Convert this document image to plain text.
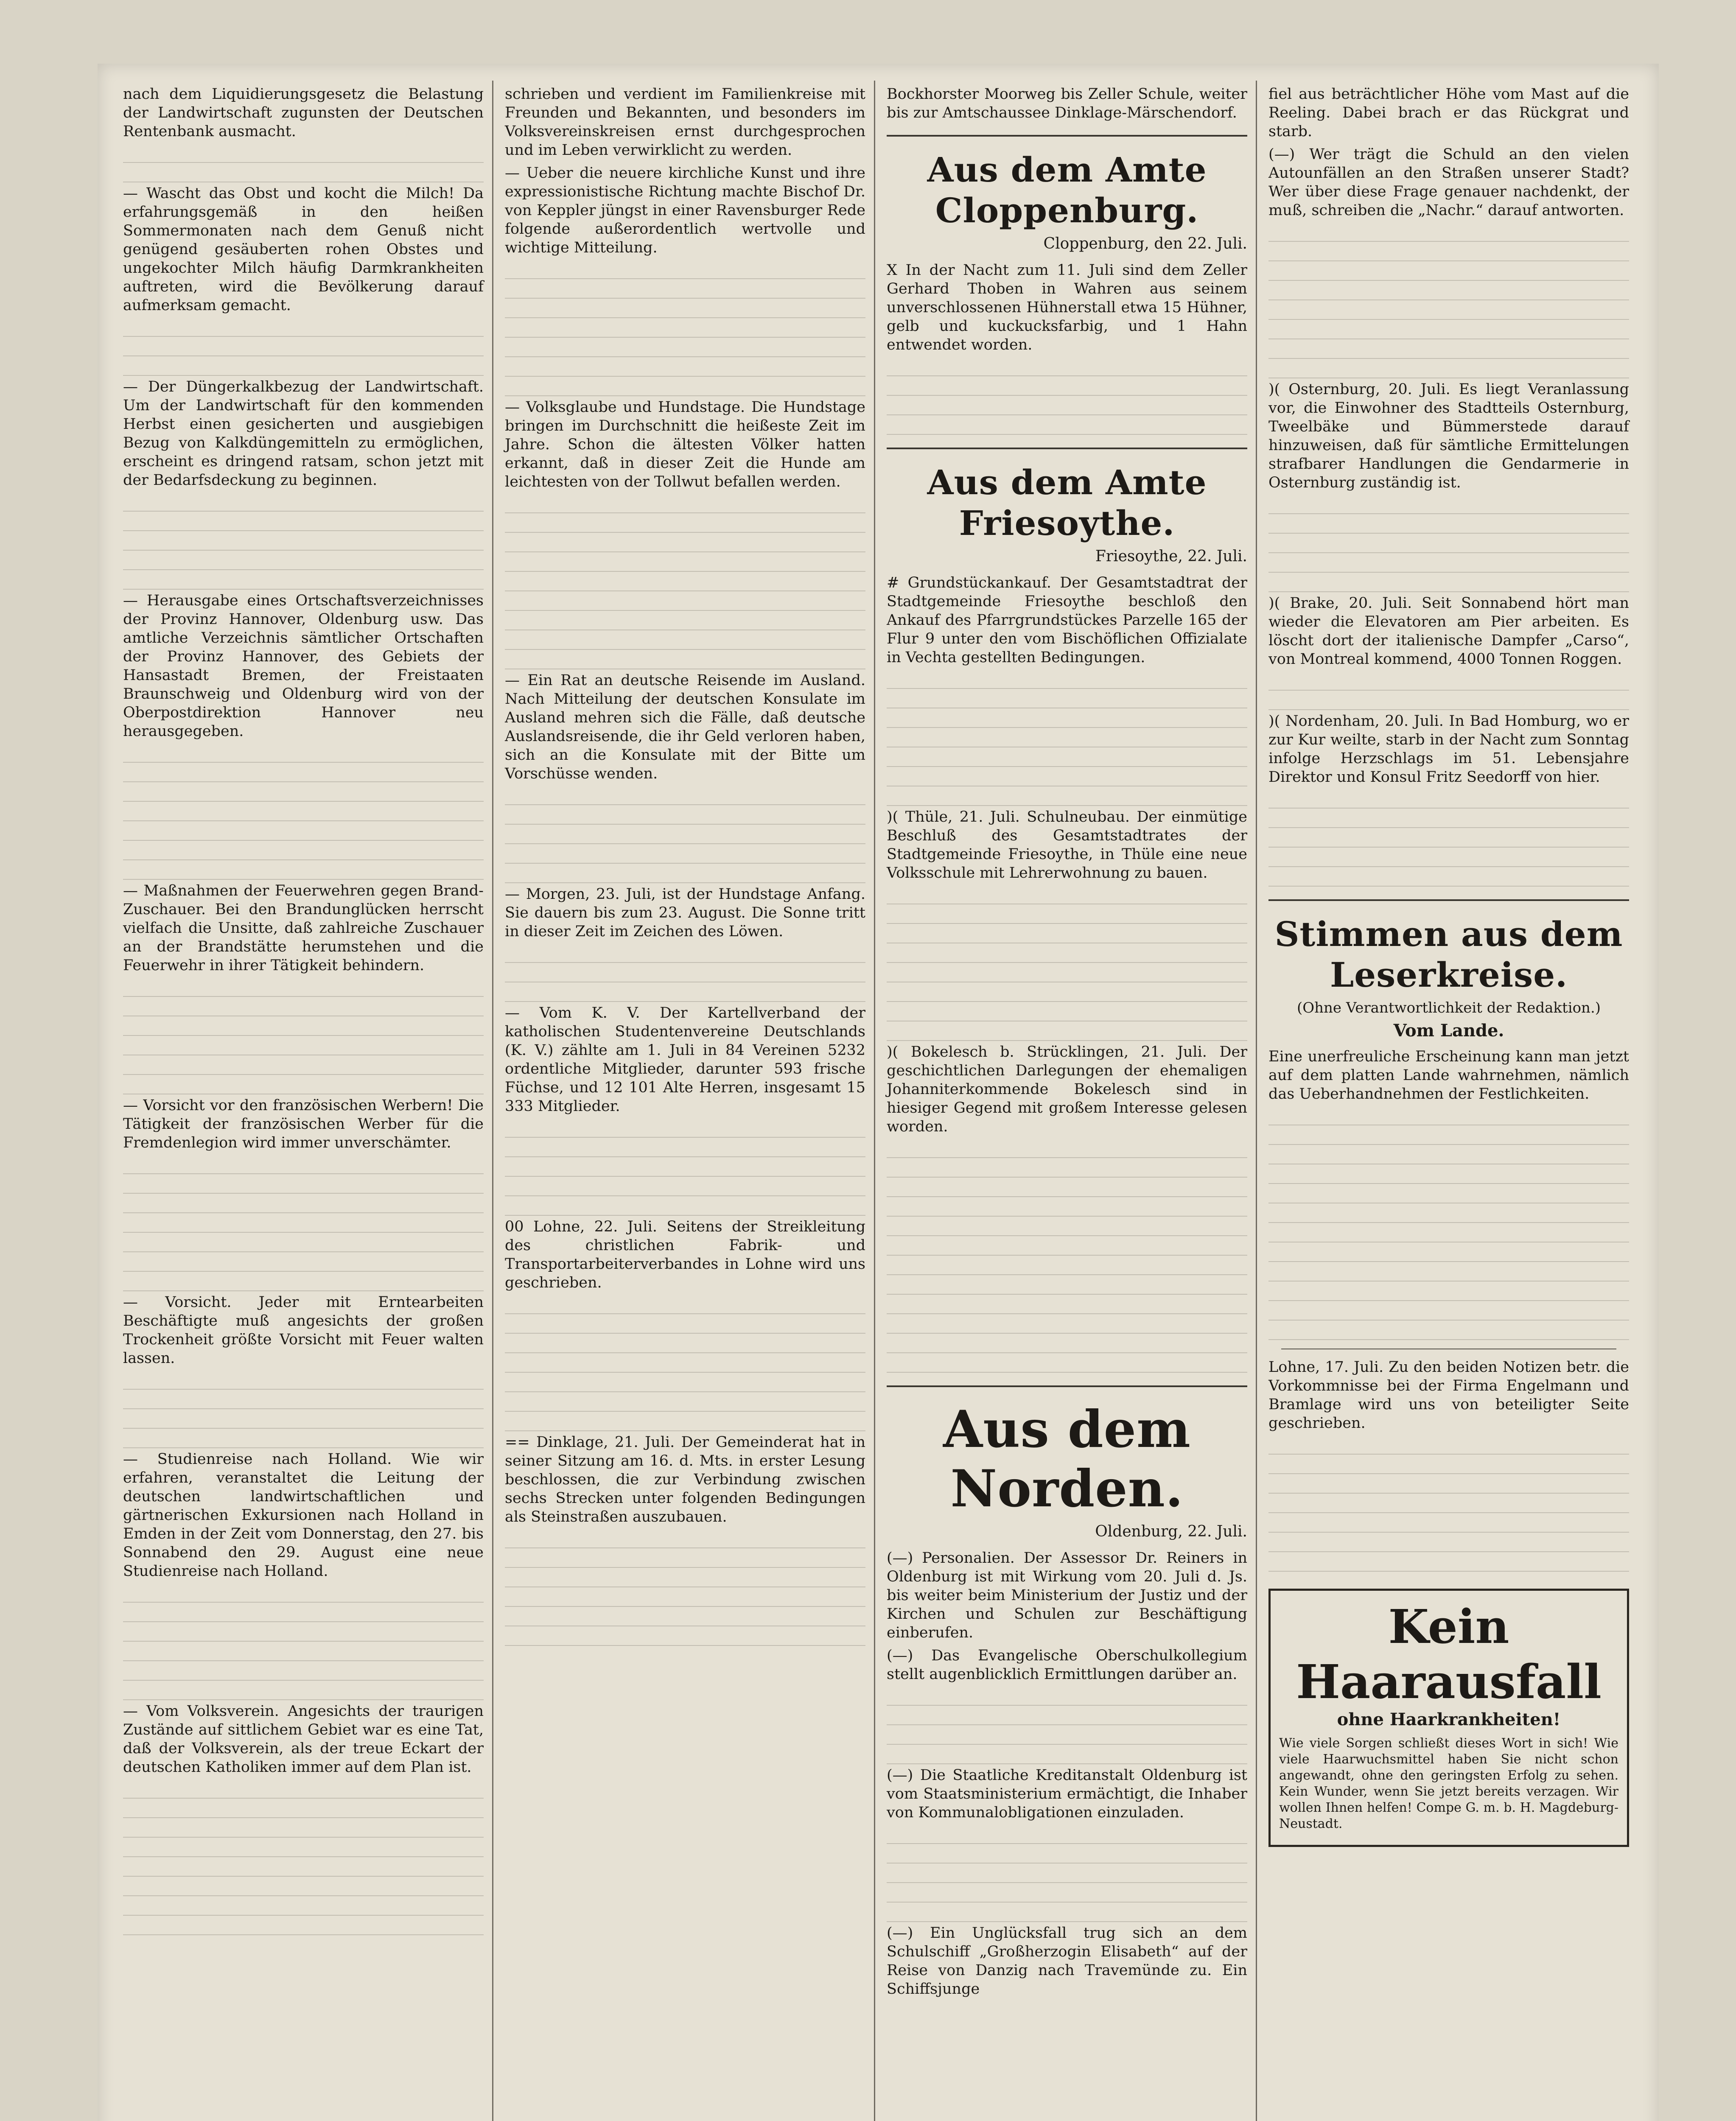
nach dem Liquidierungsgesetz die Belastung der Landwirtschaft zugunsten der Deutschen Rentenbank ausmacht.

— Wascht das Obst und kocht die Milch! Da erfahrungsgemäß in den heißen Sommermonaten nach dem Genuß nicht genügend gesäuberten rohen Obstes und ungekochter Milch häufig Darmkrankheiten auftreten, wird die Bevölkerung darauf aufmerksam gemacht.

— Der Düngerkalkbezug der Landwirtschaft. Um der Landwirtschaft für den kommenden Herbst einen gesicherten und ausgiebigen Bezug von Kalkdüngemitteln zu ermöglichen, erscheint es dringend ratsam, schon jetzt mit der Bedarfsdeckung zu beginnen.

— Herausgabe eines Ortschaftsverzeichnisses der Provinz Hannover, Oldenburg usw. Das amtliche Verzeichnis sämtlicher Ortschaften der Provinz Hannover, des Gebiets der Hansastadt Bremen, der Freistaaten Braunschweig und Oldenburg wird von der Oberpostdirektion Hannover neu herausgegeben.

— Maßnahmen der Feuerwehren gegen Brand-Zuschauer. Bei den Brandunglücken herrscht vielfach die Unsitte, daß zahlreiche Zuschauer an der Brandstätte herumstehen und die Feuerwehr in ihrer Tätigkeit behindern.

— Vorsicht vor den französischen Werbern! Die Tätigkeit der französischen Werber für die Fremdenlegion wird immer unverschämter.

— Vorsicht. Jeder mit Erntearbeiten Beschäftigte muß angesichts der großen Trockenheit größte Vorsicht mit Feuer walten lassen.

— Studienreise nach Holland. Wie wir erfahren, veranstaltet die Leitung der deutschen landwirtschaftlichen und gärtnerischen Exkursionen nach Holland in Emden in der Zeit vom Donnerstag, den 27. bis Sonnabend den 29. August eine neue Studienreise nach Holland.

— Vom Volksverein. Angesichts der traurigen Zustände auf sittlichem Gebiet war es eine Tat, daß der Volksverein, als der treue Eckart der deutschen Katholiken immer auf dem Plan ist.

schrieben und verdient im Familienkreise mit Freunden und Bekannten, und besonders im Volksvereinskreisen ernst durchgesprochen und im Leben verwirklicht zu werden.

— Ueber die neuere kirchliche Kunst und ihre expressionistische Richtung machte Bischof Dr. von Keppler jüngst in einer Ravensburger Rede folgende außerordentlich wertvolle und wichtige Mitteilung.

— Volksglaube und Hundstage. Die Hundstage bringen im Durchschnitt die heißeste Zeit im Jahre. Schon die ältesten Völker hatten erkannt, daß in dieser Zeit die Hunde am leichtesten von der Tollwut befallen werden.

— Ein Rat an deutsche Reisende im Ausland. Nach Mitteilung der deutschen Konsulate im Ausland mehren sich die Fälle, daß deutsche Auslandsreisende, die ihr Geld verloren haben, sich an die Konsulate mit der Bitte um Vorschüsse wenden.

— Morgen, 23. Juli, ist der Hundstage Anfang. Sie dauern bis zum 23. August. Die Sonne tritt in dieser Zeit im Zeichen des Löwen.

— Vom K. V. Der Kartellverband der katholischen Studentenvereine Deutschlands (K. V.) zählte am 1. Juli in 84 Vereinen 5232 ordentliche Mitglieder, darunter 593 frische Füchse, und 12 101 Alte Herren, insgesamt 15 333 Mitglieder.

00 Lohne, 22. Juli. Seitens der Streikleitung des christlichen Fabrik- und Transportarbeiterverbandes in Lohne wird uns geschrieben.

== Dinklage, 21. Juli. Der Gemeinderat hat in seiner Sitzung am 16. d. Mts. in erster Lesung beschlossen, die zur Verbindung zwischen sechs Strecken unter folgenden Bedingungen als Steinstraßen auszubauen.

Bockhorster Moorweg bis Zeller Schule, weiter bis zur Amtschaussee Dinklage-Märschendorf.

Aus dem Amte Cloppenburg.
Cloppenburg, den 22. Juli.

X In der Nacht zum 11. Juli sind dem Zeller Gerhard Thoben in Wahren aus seinem unverschlossenen Hühnerstall etwa 15 Hühner, gelb und kuckucksfarbig, und 1 Hahn entwendet worden.

Aus dem Amte Friesoythe.
Friesoythe, 22. Juli.

# Grundstückankauf. Der Gesamtstadtrat der Stadtgemeinde Friesoythe beschloß den Ankauf des Pfarrgrundstückes Parzelle 165 der Flur 9 unter den vom Bischöflichen Offizialate in Vechta gestellten Bedingungen.

)( Thüle, 21. Juli. Schulneubau. Der einmütige Beschluß des Gesamtstadtrates der Stadtgemeinde Friesoythe, in Thüle eine neue Volksschule mit Lehrerwohnung zu bauen.

)( Bokelesch b. Strücklingen, 21. Juli. Der geschichtlichen Darlegungen der ehemaligen Johanniterkommende Bokelesch sind in hiesiger Gegend mit großem Interesse gelesen worden.

Aus dem Norden.
Oldenburg, 22. Juli.

(—) Personalien. Der Assessor Dr. Reiners in Oldenburg ist mit Wirkung vom 20. Juli d. Js. bis weiter beim Ministerium der Justiz und der Kirchen und Schulen zur Beschäftigung einberufen.

(—) Das Evangelische Oberschulkollegium stellt augenblicklich Ermittlungen darüber an.

(—) Die Staatliche Kreditanstalt Oldenburg ist vom Staatsministerium ermächtigt, die Inhaber von Kommunalobligationen einzuladen.

(—) Ein Unglücksfall trug sich an dem Schulschiff „Großherzogin Elisabeth“ auf der Reise von Danzig nach Travemünde zu. Ein Schiffsjunge

fiel aus beträchtlicher Höhe vom Mast auf die Reeling. Dabei brach er das Rückgrat und starb.

(—) Wer trägt die Schuld an den vielen Autounfällen an den Straßen unserer Stadt? Wer über diese Frage genauer nachdenkt, der muß, schreiben die „Nachr.“ darauf antworten.

)( Osternburg, 20. Juli. Es liegt Veranlassung vor, die Einwohner des Stadtteils Osternburg, Tweelbäke und Bümmerstede darauf hinzuweisen, daß für sämtliche Ermittelungen strafbarer Handlungen die Gendarmerie in Osternburg zuständig ist.

)( Brake, 20. Juli. Seit Sonnabend hört man wieder die Elevatoren am Pier arbeiten. Es löscht dort der italienische Dampfer „Carso“, von Montreal kommend, 4000 Tonnen Roggen.

)( Nordenham, 20. Juli. In Bad Homburg, wo er zur Kur weilte, starb in der Nacht zum Sonntag infolge Herzschlags im 51. Lebensjahre Direktor und Konsul Fritz Seedorff von hier.

Stimmen aus dem Leserkreise.
(Ohne Verantwortlichkeit der Redaktion.)
Vom Lande.

Eine unerfreuliche Erscheinung kann man jetzt auf dem platten Lande wahrnehmen, nämlich das Ueberhandnehmen der Festlichkeiten.

Lohne, 17. Juli. Zu den beiden Notizen betr. die Vorkommnisse bei der Firma Engelmann und Bramlage wird uns von beteiligter Seite geschrieben.

Kein Haarausfall
ohne Haarkrankheiten!

Wie viele Sorgen schließt dieses Wort in sich! Wie viele Haarwuchsmittel haben Sie nicht schon angewandt, ohne den geringsten Erfolg zu sehen. Kein Wunder, wenn Sie jetzt bereits verzagen. Wir wollen Ihnen helfen! Compe G. m. b. H. Magdeburg-Neustadt.
